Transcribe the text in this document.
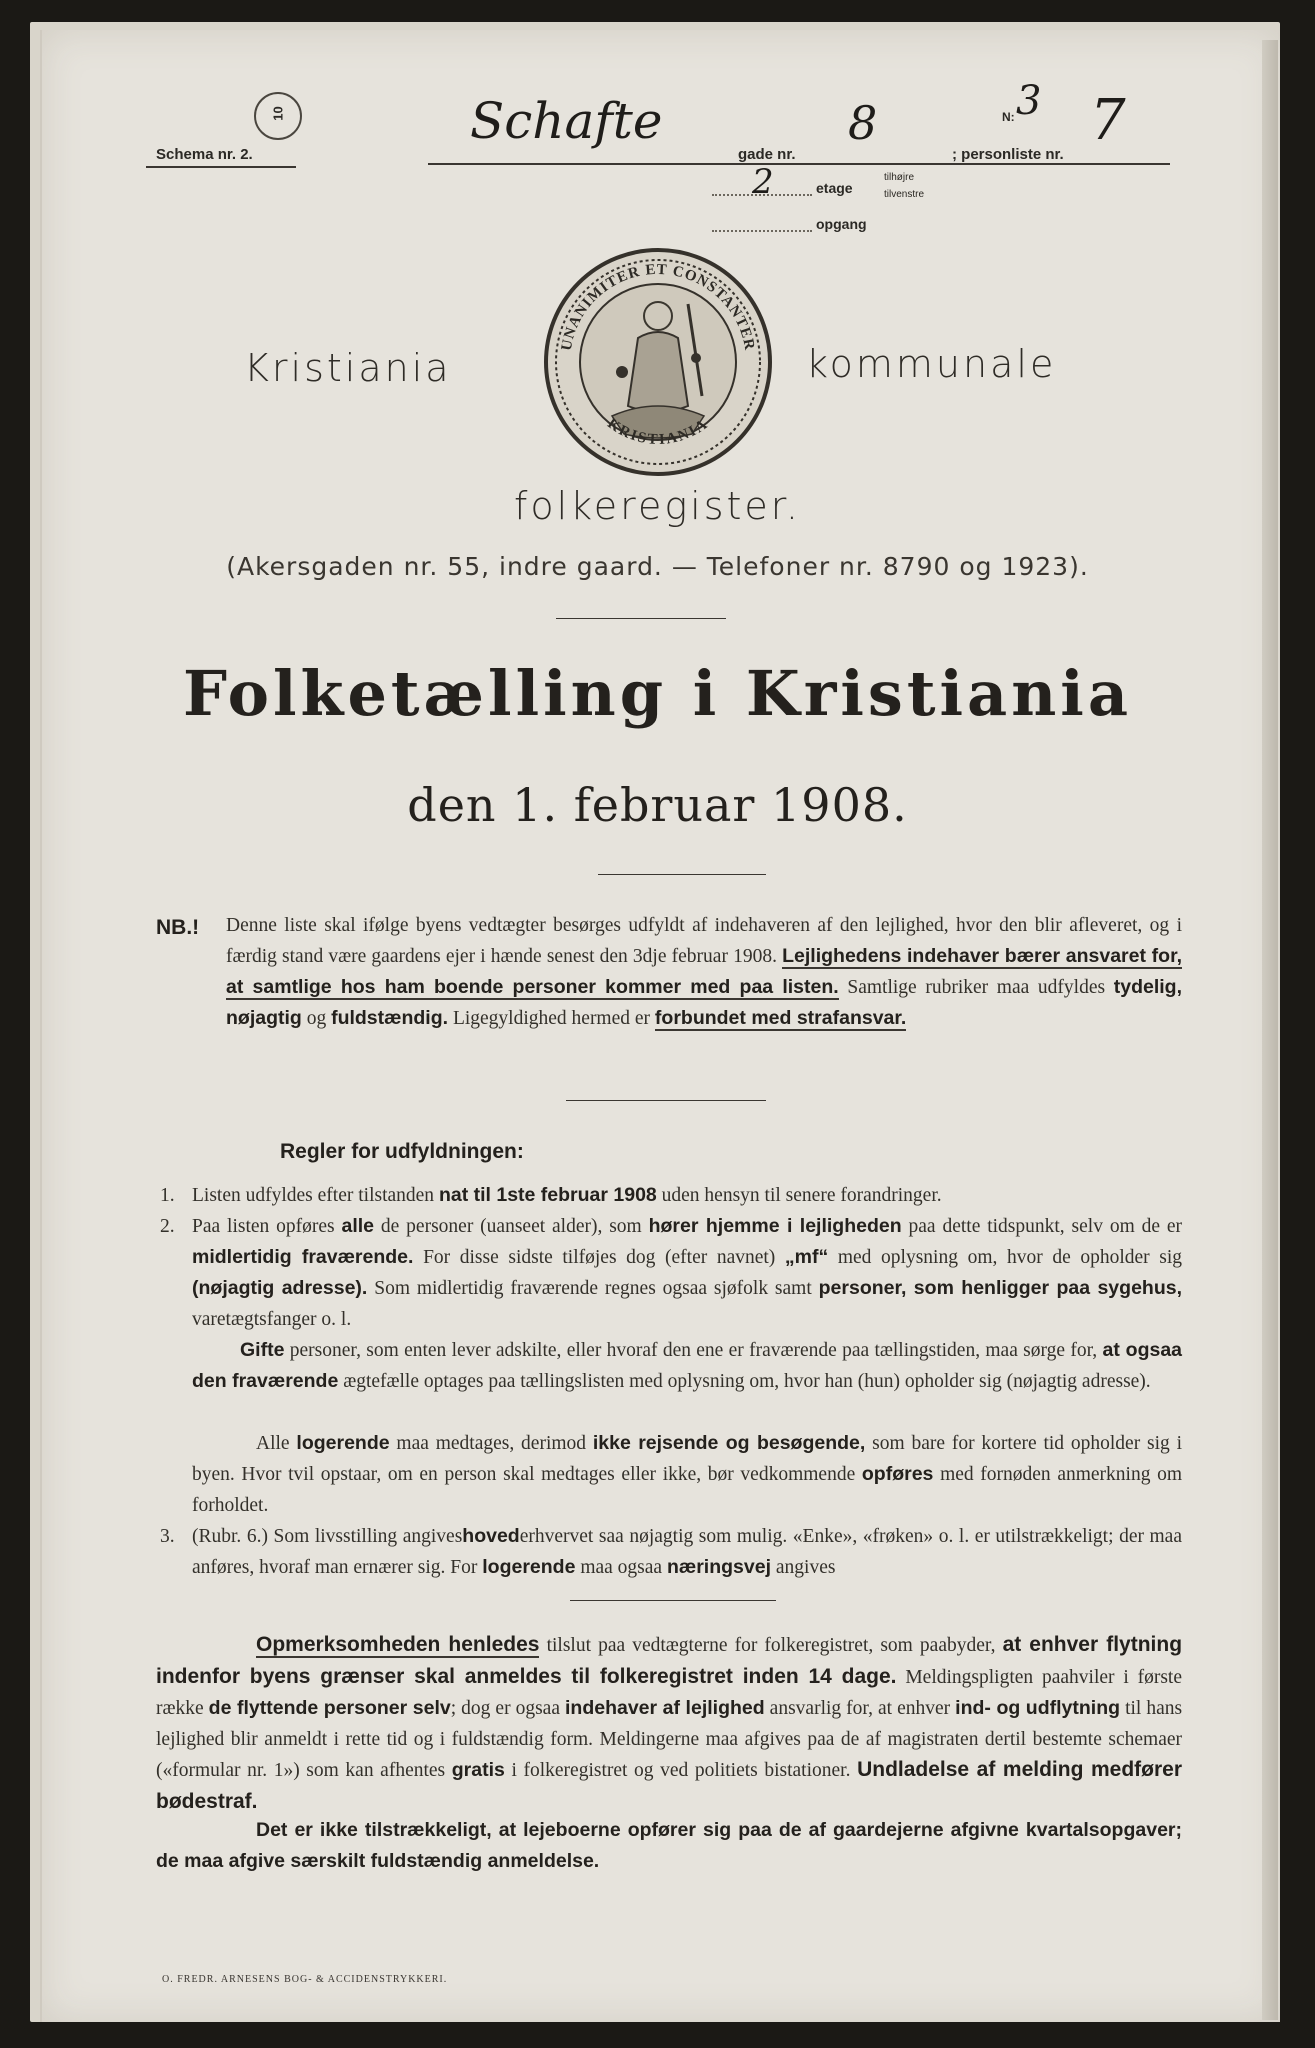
10
Schema nr. 2.
Schafte
gade nr.
8
; personliste nr.
N: 3 7
2	etage
tilhøjre
tilvenstre
opgang
Kristiania	kommunale
UNANIMITER ET CONSTANTER
KRISTIANIA
folkeregister.
(Akersgaden nr. 55, indre gaard. — Telefoner nr. 8790 og 1923).
Folketælling i Kristiania
den 1. februar 1908.
NB.! Denne liste skal ifølge byens vedtægter besørges udfyldt af indehaveren af den lejlighed, hvor den blir afleveret, og i færdig stand være gaardens ejer i hænde senest den 3dje februar 1908. Lejlighedens indehaver bærer ansvaret for, at samtlige hos ham boende personer kommer med paa listen. Samtlige rubriker maa udfyldes tydelig, nøjagtig og fuldstændig. Ligegyldighed hermed er forbundet med strafansvar.
Regler for udfyldningen:
1. Listen udfyldes efter tilstanden nat til 1ste februar 1908 uden hensyn til senere forandringer.
2. Paa listen opføres alle de personer (uanseet alder), som hører hjemme i lejligheden paa dette tidspunkt, selv om de er midlertidig fraværende. For disse sidste tilføjes dog (efter navnet) „mf“ med oplysning om, hvor de opholder sig (nøjagtig adresse). Som midlertidig fraværende regnes ogsaa sjøfolk samt personer, som henligger paa sygehus, varetægtsfanger o. l.
Gifte personer, som enten lever adskilte, eller hvoraf den ene er fraværende paa tællingstiden, maa sørge for, at ogsaa den fraværende ægtefælle optages paa tællingslisten med oplysning om, hvor han (hun) opholder sig (nøjagtig adresse).
Alle logerende maa medtages, derimod ikke rejsende og besøgende, som bare for kortere tid opholder sig i byen. Hvor tvil opstaar, om en person skal medtages eller ikke, bør vedkommende opføres med fornøden anmerkning om forholdet.
3. (Rubr. 6.) Som livsstilling angiveshovederhvervet saa nøjagtig som mulig. «Enke», «frøken» o. l. er utilstrækkeligt; der maa anføres, hvoraf man ernærer sig. For logerende maa ogsaa næringsvej angives
Opmerksomheden henledes tilslut paa vedtægterne for folkeregistret, som paabyder, at enhver flytning indenfor byens grænser skal anmeldes til folkeregistret inden 14 dage. Meldingspligten paahviler i første række de flyttende personer selv; dog er ogsaa indehaver af lejlighed ansvarlig for, at enhver ind- og udflytning til hans lejlighed blir anmeldt i rette tid og i fuldstændig form. Meldingerne maa afgives paa de af magistraten dertil bestemte schemaer («formular nr. 1») som kan afhentes gratis i folkeregistret og ved politiets bistationer. Undladelse af melding medfører bødestraf.
Det er ikke tilstrækkeligt, at lejeboerne opfører sig paa de af gaardejerne afgivne kvartalsopgaver; de maa afgive særskilt fuldstændig anmeldelse.
O. FREDR. ARNESENS BOG- & ACCIDENSTRYKKERI.
